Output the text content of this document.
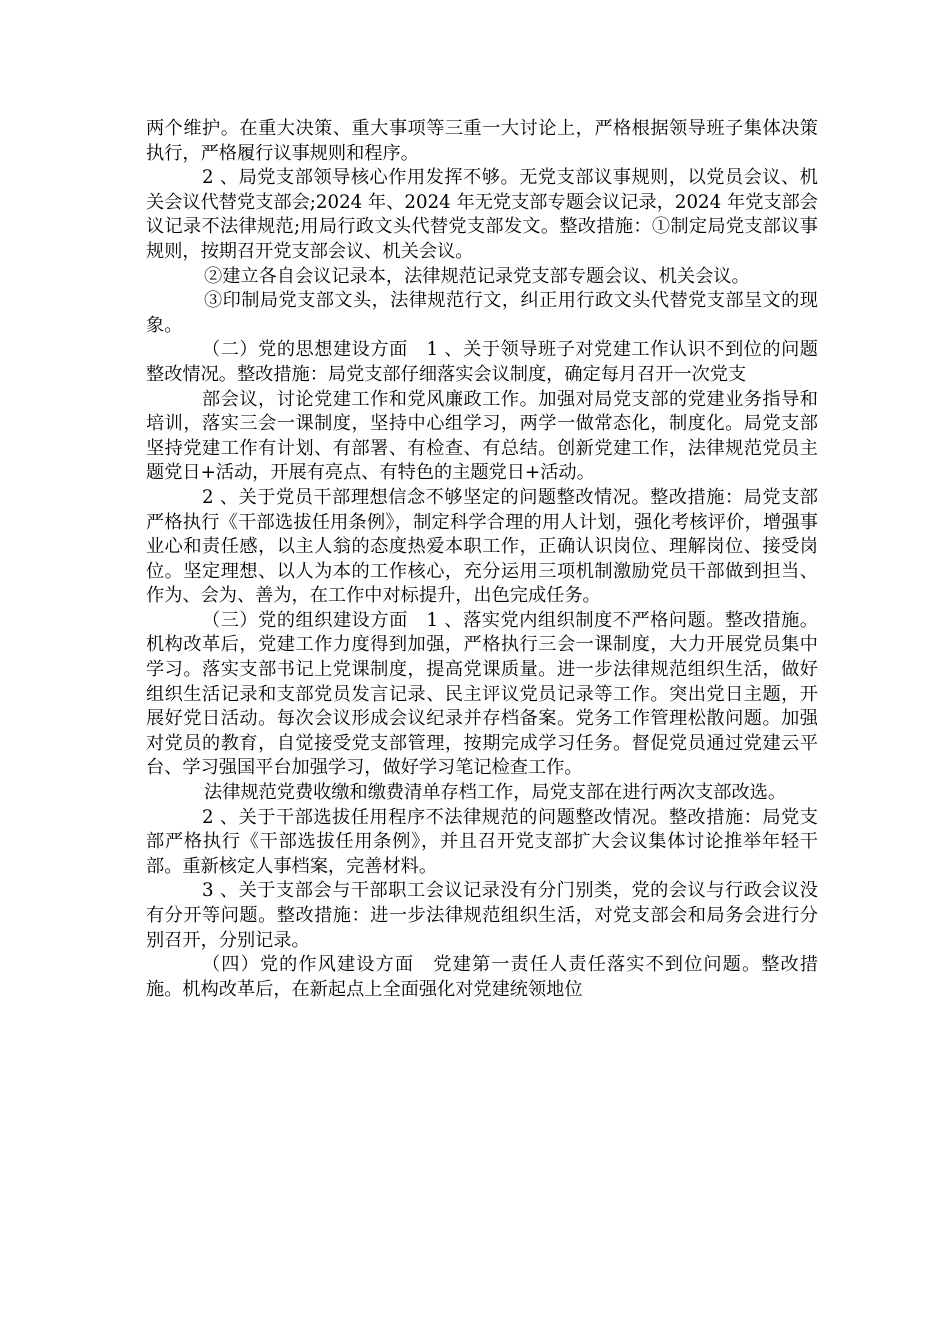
两个维护。在重大决策、重大事项等三重一大讨论上，严格根据领导班子集体决策执行，严格履行议事规则和程序。

2 、局党支部领导核心作用发挥不够。无党支部议事规则，以党员会议、机关会议代替党支部会;2024 年、2024 年无党支部专题会议记录，2024 年党支部会议记录不法律规范;用局行政文头代替党支部发文。整改措施：①制定局党支部议事规则，按期召开党支部会议、机关会议。

②建立各自会议记录本，法律规范记录党支部专题会议、机关会议。

③印制局党支部文头，法律规范行文，纠正用行政文头代替党支部呈文的现象。

（二）党的思想建设方面　1 、关于领导班子对党建工作认识不到位的问题整改情况。整改措施：局党支部仔细落实会议制度，确定每月召开一次党支

部会议，讨论党建工作和党风廉政工作。加强对局党支部的党建业务指导和培训，落实三会一课制度，坚持中心组学习，两学一做常态化，制度化。局党支部坚持党建工作有计划、有部署、有检查、有总结。创新党建工作，法律规范党员主题党日+活动，开展有亮点、有特色的主题党日+活动。

2 、关于党员干部理想信念不够坚定的问题整改情况。整改措施：局党支部严格执行《干部选拔任用条例》，制定科学合理的用人计划，强化考核评价，增强事业心和责任感，以主人翁的态度热爱本职工作，正确认识岗位、理解岗位、接受岗位。坚定理想、以人为本的工作核心，充分运用三项机制激励党员干部做到担当、作为、会为、善为，在工作中对标提升，出色完成任务。

（三）党的组织建设方面　1 、落实党内组织制度不严格问题。整改措施。机构改革后，党建工作力度得到加强，严格执行三会一课制度，大力开展党员集中学习。落实支部书记上党课制度，提高党课质量。进一步法律规范组织生活，做好组织生活记录和支部党员发言记录、民主评议党员记录等工作。突出党日主题，开展好党日活动。每次会议形成会议纪录并存档备案。党务工作管理松散问题。加强对党员的教育，自觉接受党支部管理，按期完成学习任务。督促党员通过党建云平台、学习强国平台加强学习，做好学习笔记检查工作。

法律规范党费收缴和缴费清单存档工作，局党支部在进行两次支部改选。

2 、关于干部选拔任用程序不法律规范的问题整改情况。整改措施：局党支部严格执行《干部选拔任用条例》，并且召开党支部扩大会议集体讨论推举年轻干部。重新核定人事档案，完善材料。

3 、关于支部会与干部职工会议记录没有分门别类，党的会议与行政会议没有分开等问题。整改措施：进一步法律规范组织生活，对党支部会和局务会进行分别召开，分别记录。

（四）党的作风建设方面　党建第一责任人责任落实不到位问题。整改措施。机构改革后，在新起点上全面强化对党建统领地位
